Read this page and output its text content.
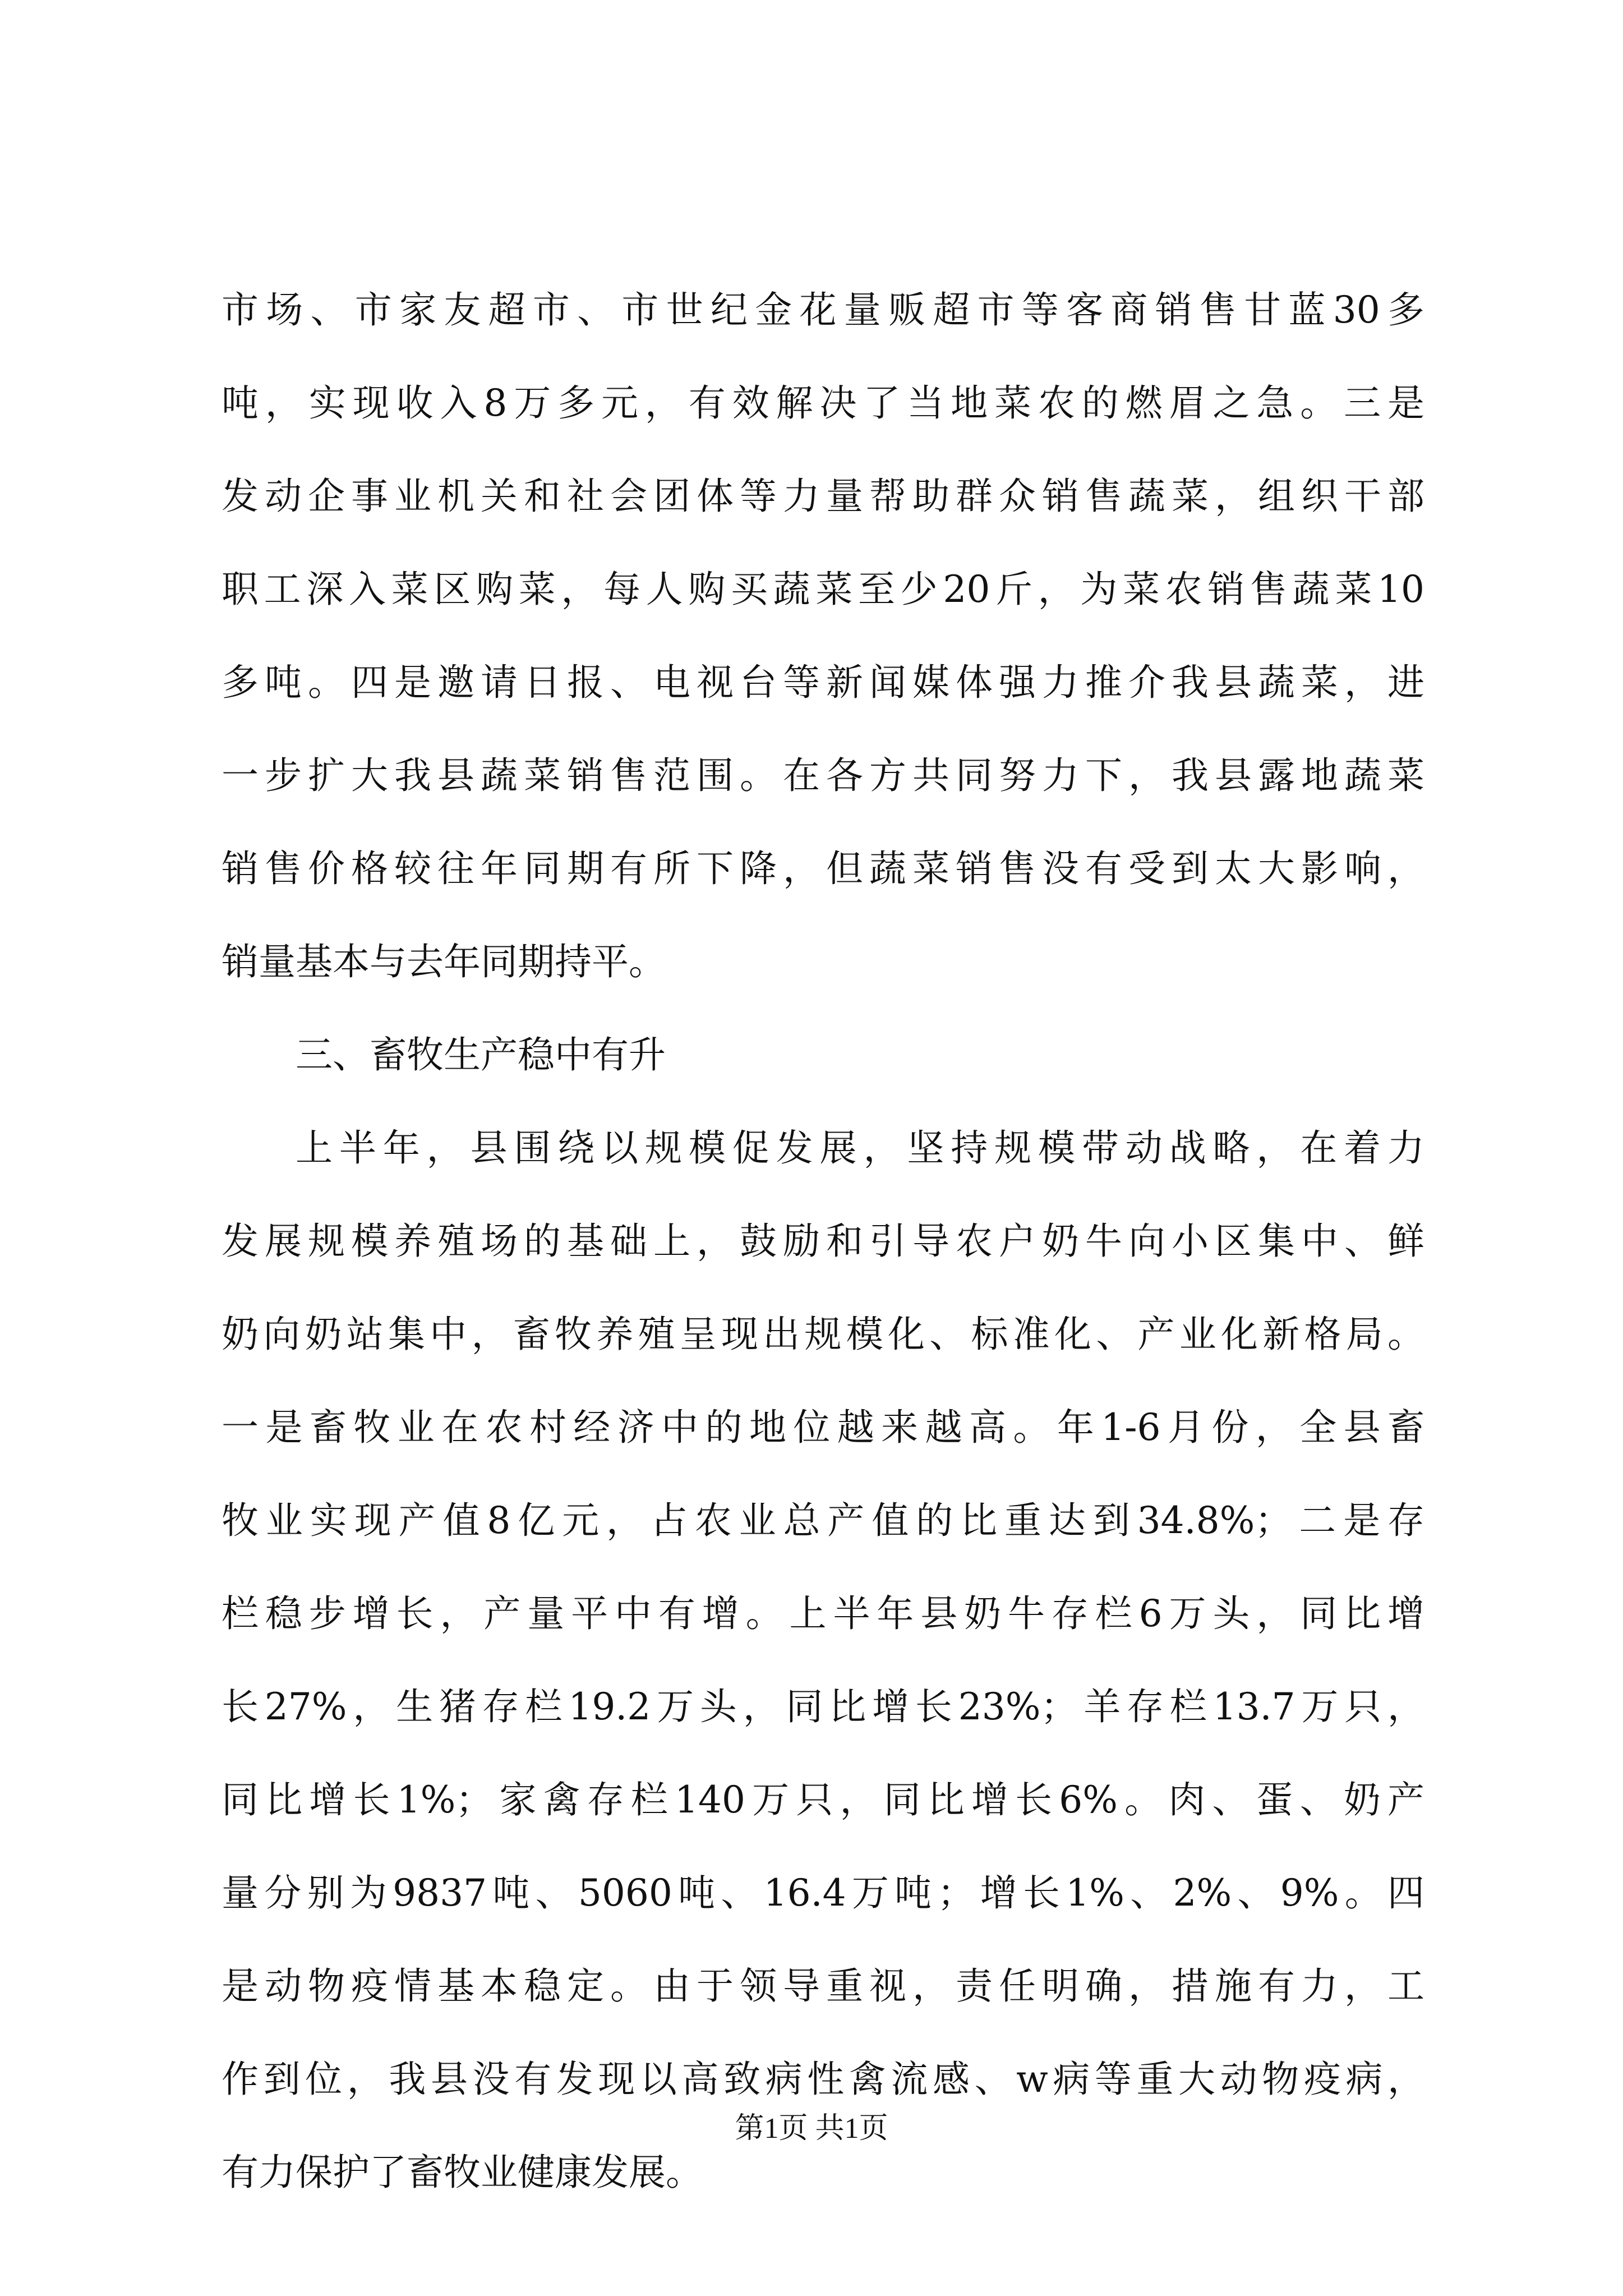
市场、市家友超市、市世纪金花量贩超市等客商销售甘蓝30多
吨，实现收入8万多元，有效解决了当地菜农的燃眉之急。三是
发动企事业机关和社会团体等力量帮助群众销售蔬菜，组织干部
职工深入菜区购菜，每人购买蔬菜至少20斤，为菜农销售蔬菜10
多吨。四是邀请日报、电视台等新闻媒体强力推介我县蔬菜，进
一步扩大我县蔬菜销售范围。在各方共同努力下，我县露地蔬菜
销售价格较往年同期有所下降，但蔬菜销售没有受到太大影响，
销量基本与去年同期持平。
三、畜牧生产稳中有升
上半年，县围绕以规模促发展，坚持规模带动战略，在着力
发展规模养殖场的基础上，鼓励和引导农户奶牛向小区集中、鲜
奶向奶站集中，畜牧养殖呈现出规模化、标准化、产业化新格局。
一是畜牧业在农村经济中的地位越来越高。年1-6月份，全县畜
牧业实现产值8亿元，占农业总产值的比重达到34.8%；二是存
栏稳步增长，产量平中有增。上半年县奶牛存栏6万头，同比增
长27%，生猪存栏19.2万头，同比增长23%；羊存栏13.7万只，
同比增长1%；家禽存栏140万只，同比增长6%。肉、蛋、奶产
量分别为9837吨、5060吨、16.4万吨；增长1%、2%、9%。四
是动物疫情基本稳定。由于领导重视，责任明确，措施有力，工
作到位，我县没有发现以高致病性禽流感、w病等重大动物疫病，
有力保护了畜牧业健康发展。
第1页 共1页
